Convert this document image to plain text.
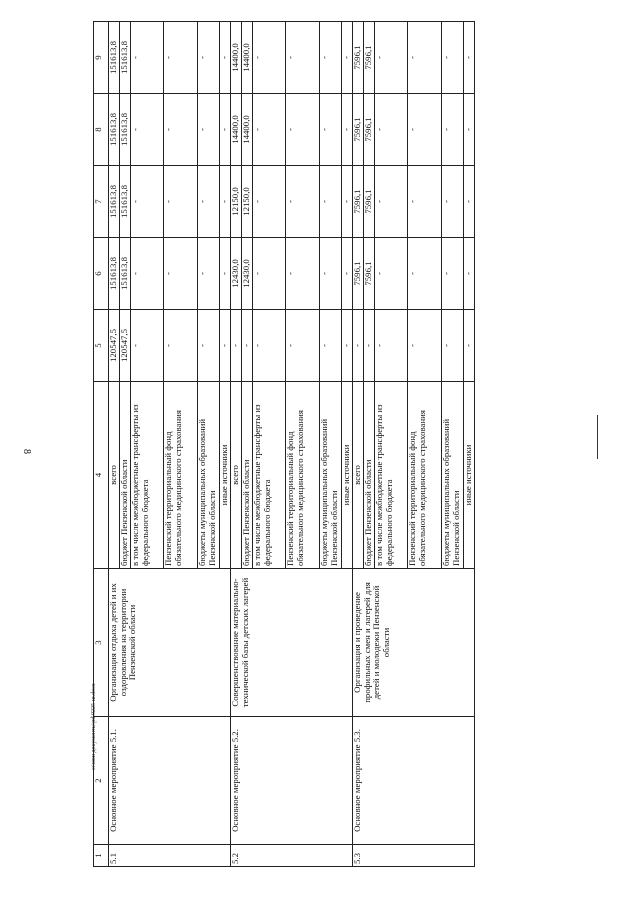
8
c:\мои документы\pd\0225-ш.docx
1	2	3	4	5	6	7	8	9
5.1	Основное мероприятие 5.1.	Организация отдыха детей и их оздоровления на территории Пензенской области	всего	120547,5	151613,8	151613,8	151613,8	151613,8
			бюджет Пензенской области	120547,5	151613,8	151613,8	151613,8	151613,8
			в том числе межбюджетные трансферты из федерального бюджета	-	-	-	-	-
			Пензенский территориальный фонд обязательного медицинского страхования	-	-	-	-	-
			бюджеты муниципальных образований Пензенской области	-	-	-	-	-
			иные источники	-	-	-	-	-
5.2	Основное мероприятие 5.2.	Совершенствование материально-технической базы детских лагерей	всего	-	12430,0	12150,0	14400,0	14400,0
			бюджет Пензенской области	-	12430,0	12150,0	14400,0	14400,0
			в том числе межбюджетные трансферты из федерального бюджета	-	-	-	-	-
			Пензенский территориальный фонд обязательного медицинского страхования	-	-	-	-	-
			бюджеты муниципальных образований Пензенской области	-	-	-	-	-
			иные источники	-	-	-	-	-
5.3	Основное мероприятие 5.3.	Организация и проведение профильных смен и лагерей для детей и молодежи Пензенской области	всего	-	7596,1	7596,1	7596,1	7596,1
			бюджет Пензенской области	-	7596,1	7596,1	7596,1	7596,1
			в том числе межбюджетные трансферты из федерального бюджета	-	-	-	-	-
			Пензенский территориальный фонд обязательного медицинского страхования	-	-	-	-	-
			бюджеты муниципальных образований Пензенской области	-	-	-	-	-
			иные источники	-	-	-	-	-
